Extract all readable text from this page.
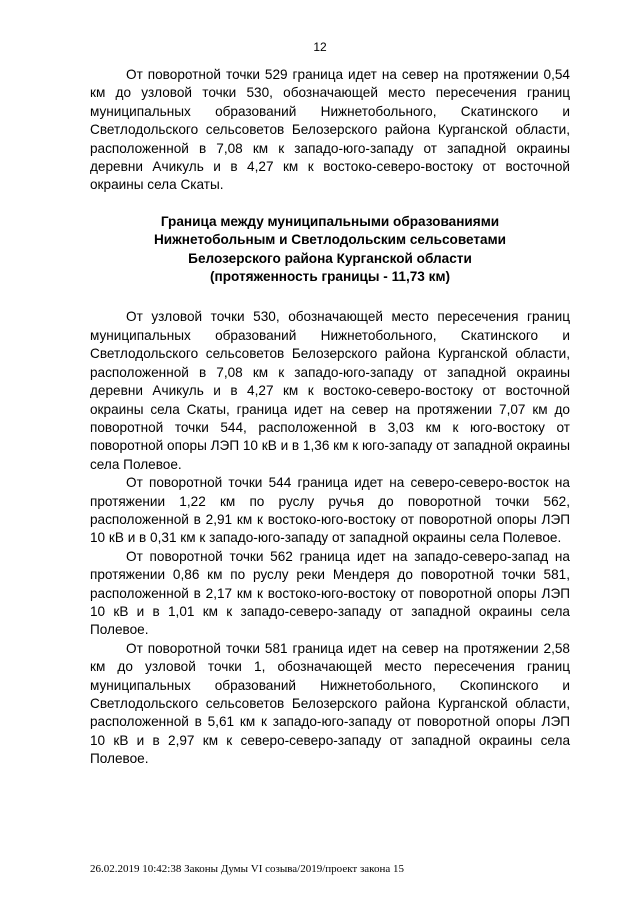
12

От поворотной точки 529 граница идет на север на протяжении 0,54 км до узловой точки 530, обозначающей место пересечения границ муниципальных образований Нижнетобольного, Скатинского и Светлодольского сельсоветов Белозерского района Курганской области, расположенной в 7,08 км к западо-юго-западу от западной окраины деревни Ачикуль и в 4,27 км к востоко-северо-востоку от восточной окраины села Скаты.

Граница между муниципальными образованиями
Нижнетобольным и Светлодольским сельсоветами
Белозерского района Курганской области
(протяженность границы - 11,73 км)

От узловой точки 530, обозначающей место пересечения границ муниципальных образований Нижнетобольного, Скатинского и Светлодольского сельсоветов Белозерского района Курганской области, расположенной в 7,08 км к западо-юго-западу от западной окраины деревни Ачикуль и в 4,27 км к востоко-северо-востоку от восточной окраины села Скаты, граница идет на север на протяжении 7,07 км до поворотной точки 544, расположенной в 3,03 км к юго-востоку от поворотной опоры ЛЭП 10 кВ и в 1,36 км к юго-западу от западной окраины села Полевое.

От поворотной точки 544 граница идет на северо-северо-восток на протяжении 1,22 км по руслу ручья до поворотной точки 562, расположенной в 2,91 км к востоко-юго-востоку от поворотной опоры ЛЭП 10 кВ и в 0,31 км к западо-юго-западу от западной окраины села Полевое.

От поворотной точки 562 граница идет на западо-северо-запад на протяжении 0,86 км по руслу реки Мендеря до поворотной точки 581, расположенной в 2,17 км к востоко-юго-востоку от поворотной опоры ЛЭП 10 кВ и в 1,01 км к западо-северо-западу от западной окраины села Полевое.

От поворотной точки 581 граница идет на север на протяжении 2,58 км до узловой точки 1, обозначающей место пересечения границ муниципальных образований Нижнетобольного, Скопинского и Светлодольского сельсоветов Белозерского района Курганской области, расположенной в 5,61 км к западо-юго-западу от поворотной опоры ЛЭП 10 кВ и в 2,97 км к северо-северо-западу от западной окраины села Полевое.

26.02.2019 10:42:38 Законы Думы VI созыва/2019/проект закона 15
